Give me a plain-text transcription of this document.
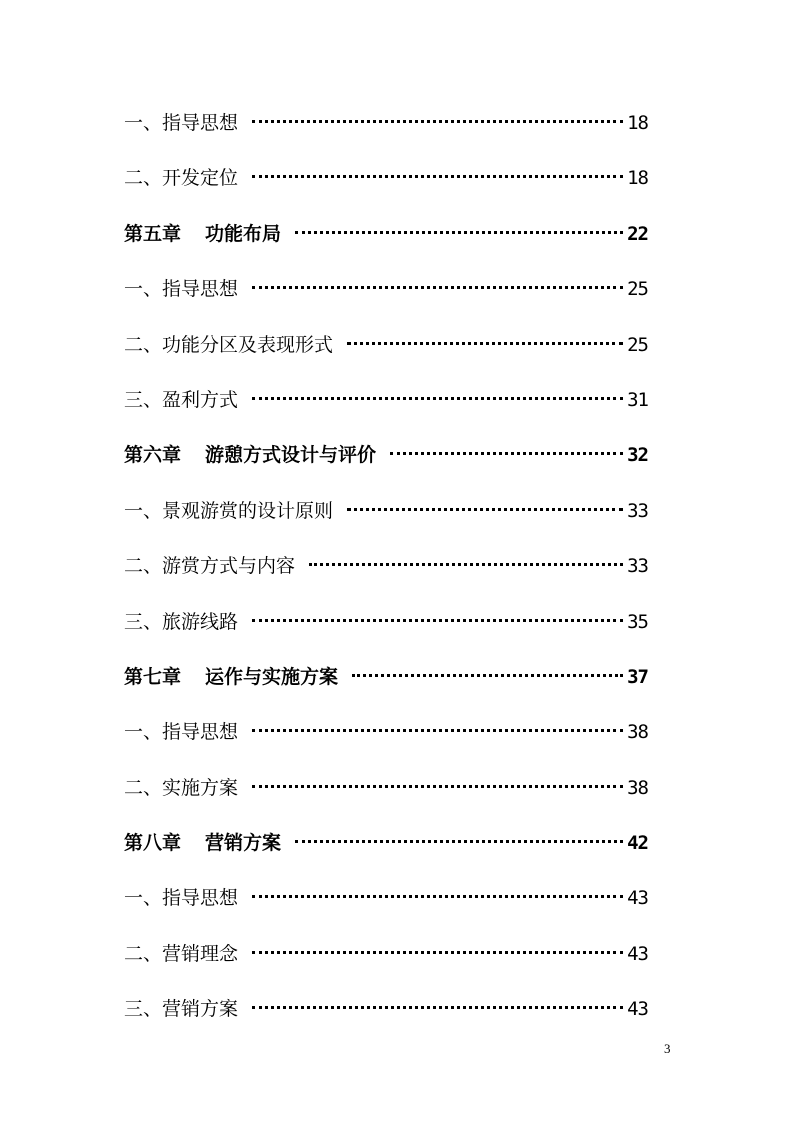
一、指导思想	18
二、开发定位	18
第五章 功能布局	22
一、指导思想	25
二、功能分区及表现形式	25
三、盈利方式	31
第六章 游憩方式设计与评价	32
一、景观游赏的设计原则	33
二、游赏方式与内容	33
三、旅游线路	35
第七章 运作与实施方案	37
一、指导思想	38
二、实施方案	38
第八章 营销方案	42
一、指导思想	43
二、营销理念	43
三、营销方案	43
3
